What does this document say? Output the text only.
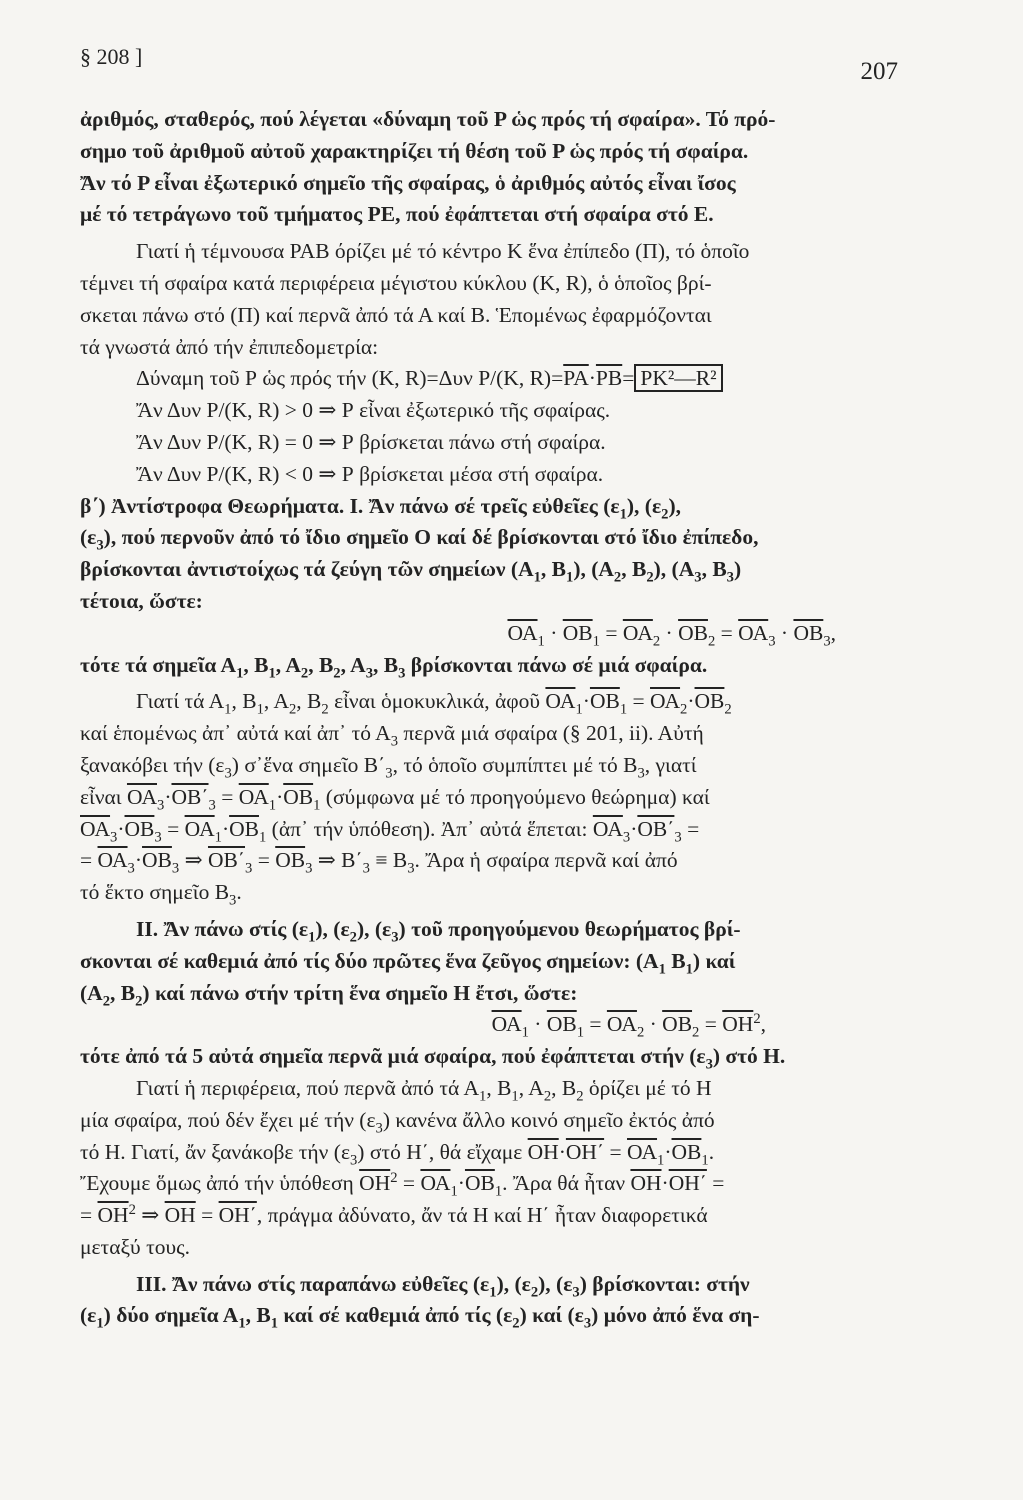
§ 208 ]
207

ἀριθμός, σταθερός, πού λέγεται «δύναμη τοῦ Ρ ὡς πρός τή σφαίρα». Τό πρό-

σημο τοῦ ἀριθμοῦ αὐτοῦ χαρακτηρίζει τή θέση τοῦ Ρ ὡς πρός τή σφαίρα.

Ἄν τό Ρ εἶναι ἐξωτερικό σημεῖο τῆς σφαίρας, ὁ ἀριθμός αὐτός εἶναι ἴσος

μέ τό τετράγωνο τοῦ τμήματος ΡΕ, πού ἐφάπτεται στή σφαίρα στό Ε.

Γιατί ἡ τέμνουσα ΡΑΒ όρίζει μέ τό κέντρο Κ ἕνα ἐπίπεδο (Π), τό ὁποῖο

τέμνει τή σφαίρα κατά περιφέρεια μέγιστου κύκλου (Κ, R), ὁ ὁποῖος βρί-

σκεται πάνω στό (Π) καί περνᾶ ἀπό τά Α καί Β. Ἑπομένως ἐφαρμόζονται

τά γνωστά ἀπό τήν ἐπιπεδομετρία:

Δύναμη τοῦ Ρ ὡς πρός τήν (Κ, R)=Δυν Ρ/(Κ, $R)=\overline{PA}\cdot\overline{PB}=$ ΡΚ²—R²

Ἄν Δυν Ρ/(Κ, R) > 0 ⇒ Ρ εἶναι ἐξωτερικό τῆς σφαίρας.

Ἄν Δυν Ρ/(Κ, R) = 0 ⇒ Ρ βρίσκεται πάνω στή σφαίρα.

Ἄν Δυν Ρ/(Κ, R) < 0 ⇒ Ρ βρίσκεται μέσα στή σφαίρα.

β΄) Ἀντίστροφα Θεωρήματα. Ι. Ἄν πάνω σέ τρεῖς εὐθεῖες $(\varepsilon_1)$, $(\varepsilon_2)$,

$(\varepsilon_3)$, πού περνοῦν ἀπό τό ἴδιο σημεῖο Ο καί δέ βρίσκονται στό ἴδιο ἐπίπεδο,

βρίσκονται ἀντιστοίχως τά ζεύγη τῶν σημείων ($A_1$, $B_1$), ($A_2$, $B_2$), ($A_3$, $B_3$)

τέτοια, ὥστε:

$\overline{OA}_1 \cdot \overline{OB}_1 = \overline{OA}_2 \cdot \overline{OB}_2 = \overline{OA}_3 \cdot \overline{OB}_3$,

τότε τά σημεῖα $A_1$, $B_1$, $A_2$, $B_2$, $A_3$, $B_3$ βρίσκονται πάνω σέ μιά σφαίρα.

Γιατί τά $A_1$, $B_1$, $A_2$, $B_2$ εἶναι ὁμοκυκλικά, ἀφοῦ $\overline{OA}_1\cdot\overline{OB}_1 = \overline{OA}_2\cdot\overline{OB}_2$

καί ἑπομένως ἀπ᾽ αὐτά καί ἀπ᾽ τό $A_3$ περνᾶ μιά σφαίρα (§ 201, ii). Αὐτή

ξανακόβει τήν $(\varepsilon_3)$ σ᾽ἕνα σημεῖο $B΄_3$, τό ὁποῖο συμπίπτει μέ τό $B_3$, γιατί

εἶναι $\overline{OA}_3\cdot\overline{OB΄}_3 = \overline{OA}_1\cdot\overline{OB}_1$ (σύμφωνα μέ τό προηγούμενο θεώρημα) καί

$\overline{OA}_3\cdot\overline{OB}_3 = \overline{OA}_1\cdot\overline{OB}_1$ (ἀπ᾽ τήν ὑπόθεση). Ἀπ᾽ αὐτά ἕπεται: $\overline{OA}_3\cdot\overline{OB΄}_3$ =

= $\overline{OA}_3\cdot\overline{OB}_3$ ⇒ $\overline{OB΄}_3 = \overline{OB}_3$ ⇒ $B΄_3 \equiv B_3$. Ἄρα ἡ σφαίρα περνᾶ καί ἀπό

τό ἕκτο σημεῖο $B_3$.

ΙΙ. Ἄν πάνω στίς $(\varepsilon_1)$, $(\varepsilon_2)$, $(\varepsilon_3)$ τοῦ προηγούμενου θεωρήματος βρί-

σκονται σέ καθεμιά ἀπό τίς δύο πρῶτες ἕνα ζεῦγος σημείων: ($A_1$ $B_1$) καί

($A_2$, $B_2$) καί πάνω στήν τρίτη ἕνα σημεῖο Η ἔτσι, ὥστε:

$\overline{OA}_1 \cdot \overline{OB}_1 = \overline{OA}_2 \cdot \overline{OB}_2 = \overline{OH}^2$,

τότε ἀπό τά 5 αὐτά σημεῖα περνᾶ μιά σφαίρα, πού ἐφάπτεται στήν $(\varepsilon_3)$ στό Η.

Γιατί ἡ περιφέρεια, πού περνᾶ ἀπό τά $A_1$, $B_1$, $A_2$, $B_2$ ὁρίζει μέ τό Η

μία σφαίρα, πού δέν ἔχει μέ τήν $(\varepsilon_3)$ κανένα ἄλλο κοινό σημεῖο ἐκτός ἀπό

τό Η. Γιατί, ἄν ξανάκοβε τήν $(\varepsilon_3)$ στό Η΄, θά εἴχαμε $\overline{OH}\cdot\overline{OH΄} = \overline{OA}_1\cdot\overline{OB}_1$.

Ἔχουμε ὅμως ἀπό τήν ὑπόθεση $\overline{OH}^2 = \overline{OA}_1\cdot\overline{OB}_1$. Ἄρα θά ἦταν $\overline{OH}\cdot\overline{OH΄}$ =

= $\overline{OH}^2$ ⇒ $\overline{OH} = \overline{OH΄}$, πράγμα ἀδύνατο, ἄν τά Η καί Η΄ ἦταν διαφορετικά

μεταξύ τους.

ΙΙΙ. Ἄν πάνω στίς παραπάνω εὐθεῖες $(\varepsilon_1)$, $(\varepsilon_2)$, $(\varepsilon_3)$ βρίσκονται: στήν

$(\varepsilon_1)$ δύο σημεῖα $A_1$, $B_1$ καί σέ καθεμιά ἀπό τίς $(\varepsilon_2)$ καί $(\varepsilon_3)$ μόνο ἀπό ἕνα ση-
